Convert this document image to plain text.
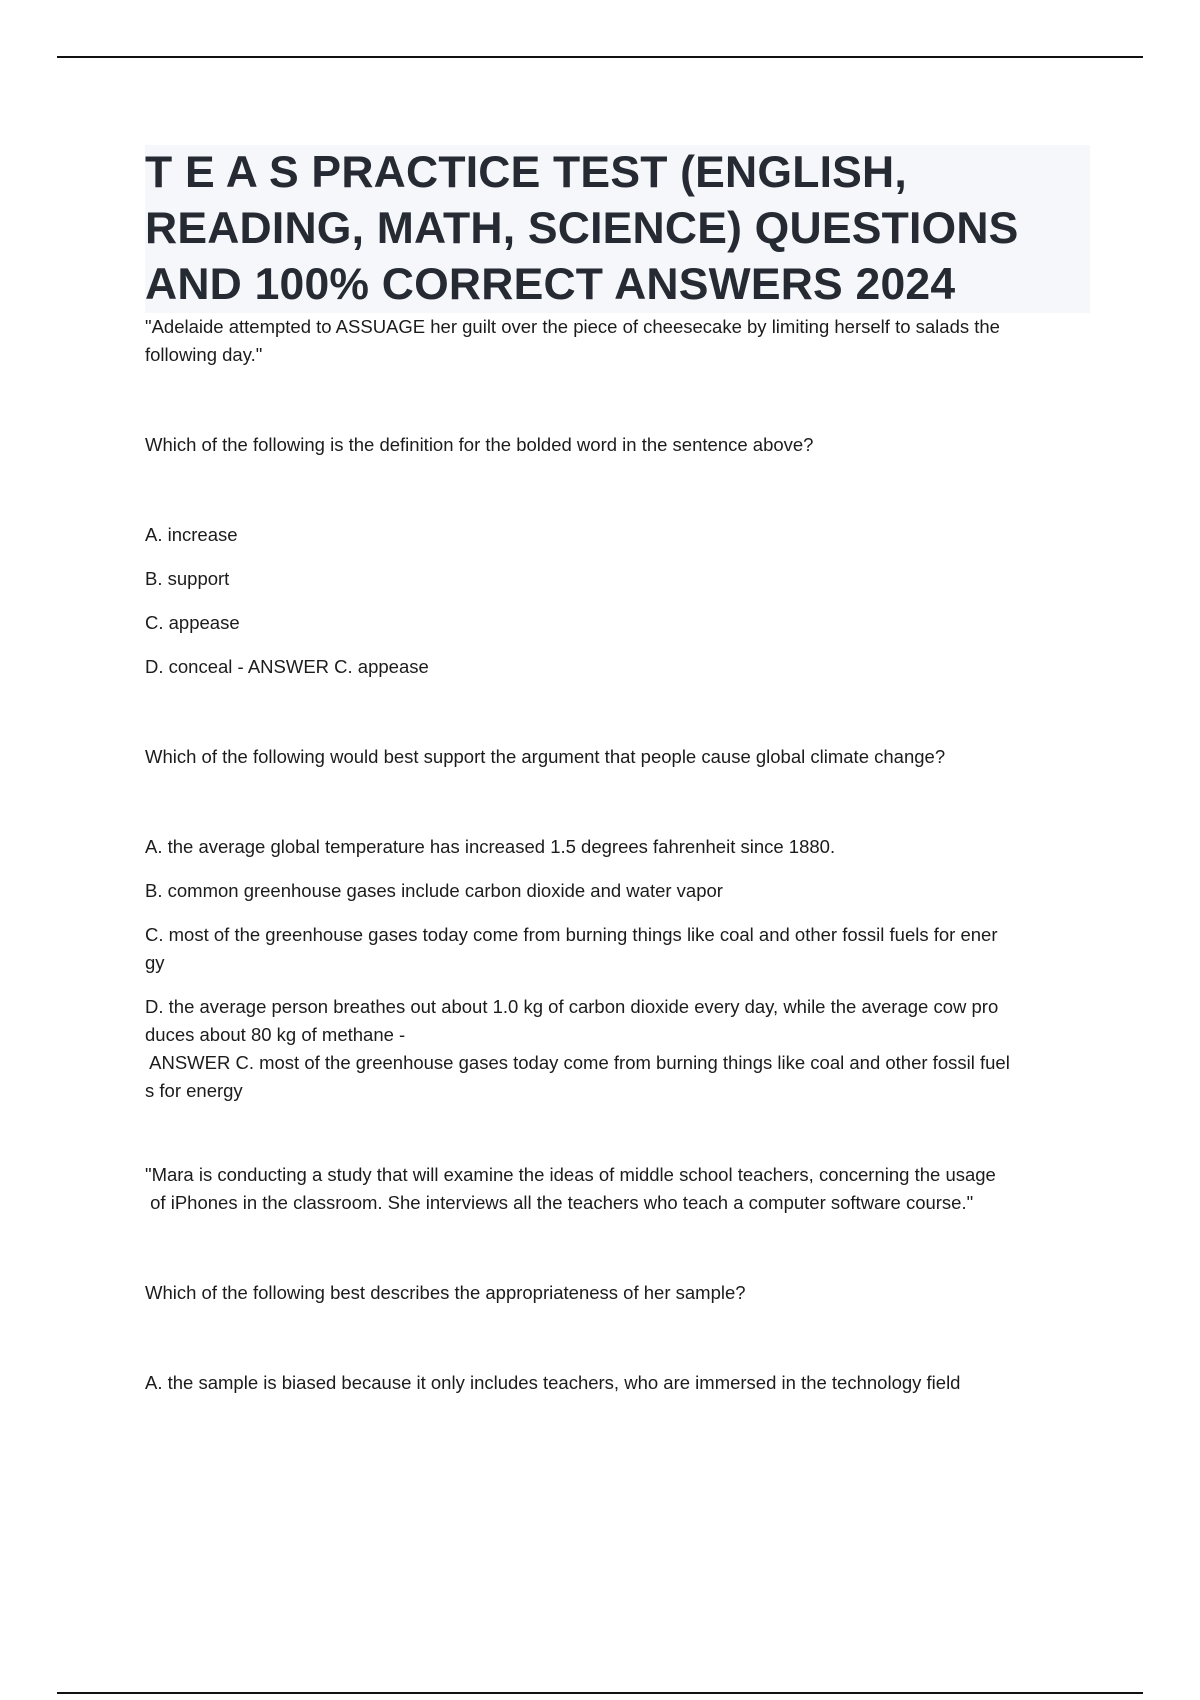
T E A S PRACTICE TEST (ENGLISH, READING, MATH, SCIENCE) QUESTIONS AND 100% CORRECT ANSWERS 2024

"Adelaide attempted to ASSUAGE her guilt over the piece of cheesecake by limiting herself to salads the

following day."

Which of the following is the definition for the bolded word in the sentence above?

A. increase

B. support

C. appease

D. conceal - ANSWER C. appease

Which of the following would best support the argument that people cause global climate change?

A. the average global temperature has increased 1.5 degrees fahrenheit since 1880.

B. common greenhouse gases include carbon dioxide and water vapor

C. most of the greenhouse gases today come from burning things like coal and other fossil fuels for ener

gy

D. the average person breathes out about 1.0 kg of carbon dioxide every day, while the average cow pro

duces about 80 kg of methane -

ANSWER C. most of the greenhouse gases today come from burning things like coal and other fossil fuel

s for energy

"Mara is conducting a study that will examine the ideas of middle school teachers, concerning the usage

of iPhones in the classroom. She interviews all the teachers who teach a computer software course."

Which of the following best describes the appropriateness of her sample?

A. the sample is biased because it only includes teachers, who are immersed in the technology field
